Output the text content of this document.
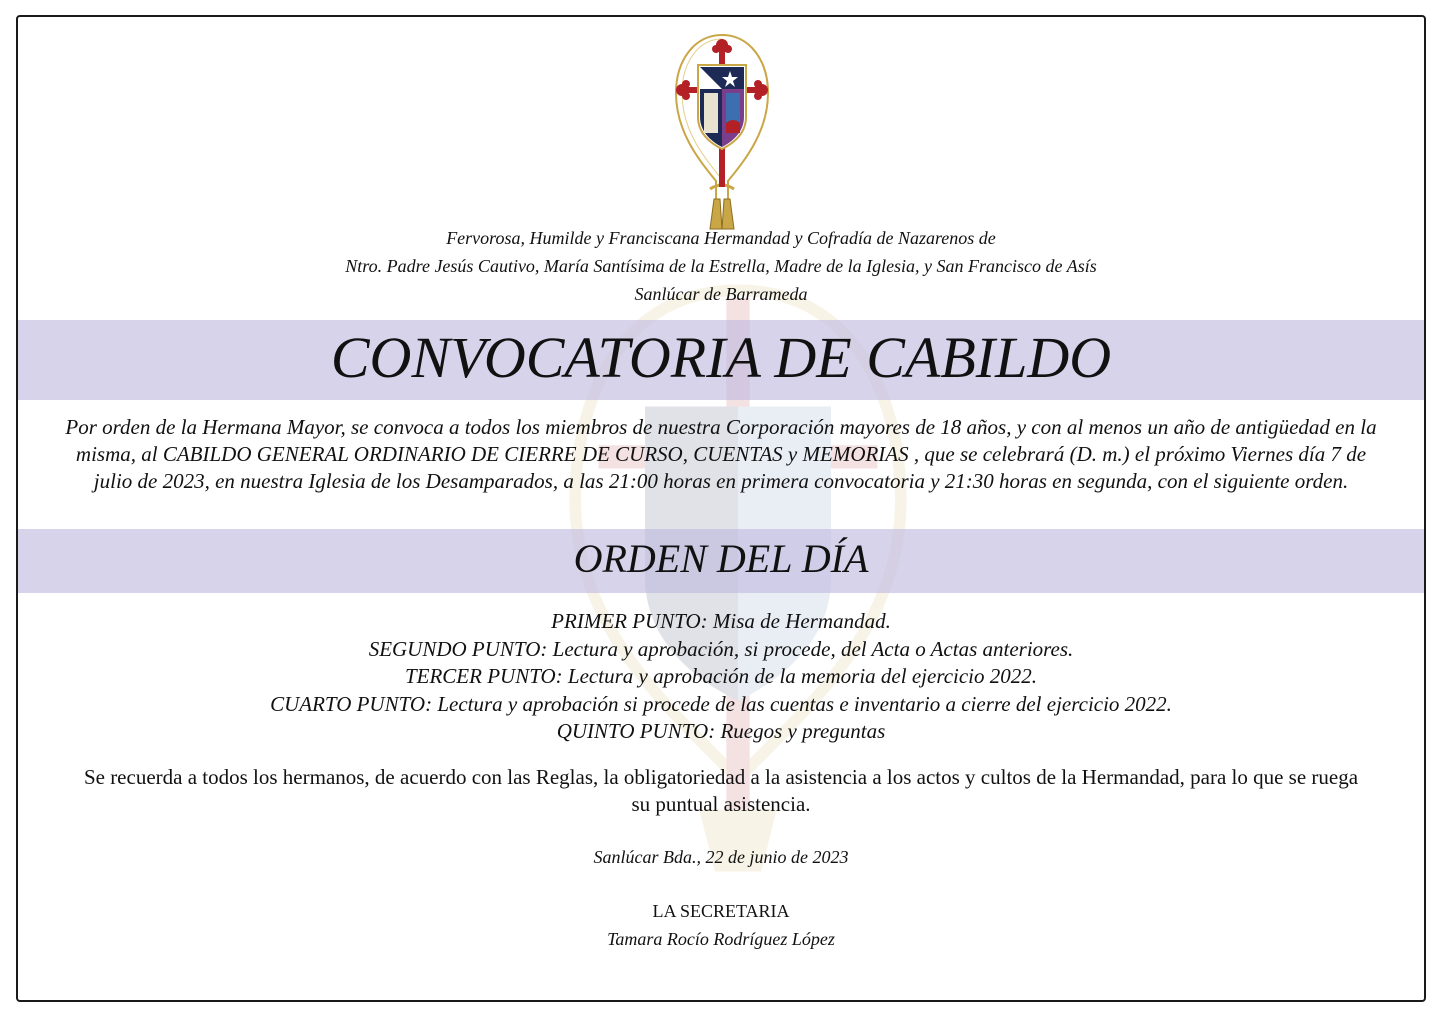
Fervorosa, Humilde y Franciscana Hermandad y Cofradía de Nazarenos de
Ntro. Padre Jesús Cautivo, María Santísima de la Estrella, Madre de la Iglesia, y San Francisco de Asís
Sanlúcar de Barrameda
CONVOCATORIA DE CABILDO
Por orden de la Hermana Mayor, se convoca a todos los miembros de nuestra Corporación mayores de 18 años, y con al menos un año de antigüedad en la misma, al CABILDO GENERAL ORDINARIO DE CIERRE DE CURSO, CUENTAS y MEMORIAS , que se celebrará (D. m.) el próximo Viernes día 7 de julio de 2023, en nuestra Iglesia de los Desamparados, a las 21:00 horas en primera convocatoria y 21:30 horas en segunda, con el siguiente orden.
ORDEN DEL DÍA
PRIMER PUNTO: Misa de Hermandad.
SEGUNDO PUNTO: Lectura y aprobación, si procede, del Acta o Actas anteriores.
TERCER PUNTO: Lectura y aprobación de la memoria del ejercicio 2022.
CUARTO PUNTO: Lectura y aprobación si procede de las cuentas e inventario a cierre del ejercicio 2022.
QUINTO PUNTO: Ruegos y preguntas
Se recuerda a todos los hermanos, de acuerdo con las Reglas, la obligatoriedad a la asistencia a los actos y cultos de la Hermandad, para lo que se ruega su puntual asistencia.
Sanlúcar Bda., 22 de junio de 2023
LA SECRETARIA
Tamara Rocío Rodríguez López
